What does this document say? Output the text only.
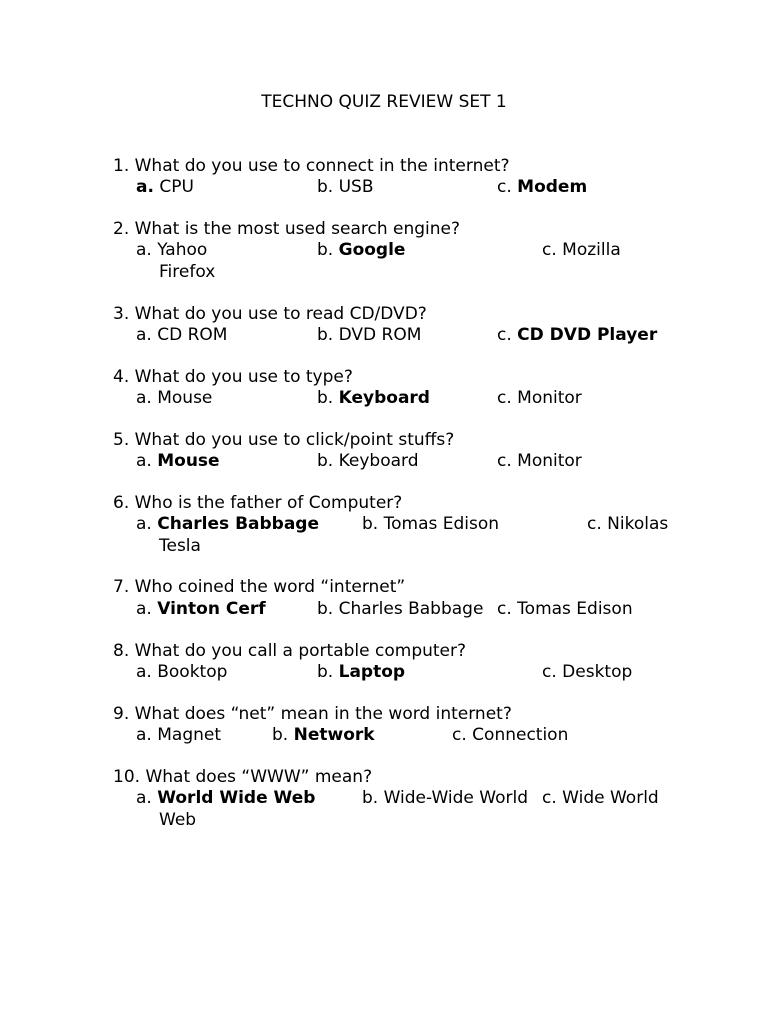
TECHNO QUIZ REVIEW SET 1
1. What do you use to connect in the internet?
a. CPU	b. USB	c. Modem
2. What is the most used search engine?
a. Yahoo	b. Google	c. Mozilla
Firefox
3. What do you use to read CD/DVD?
a. CD ROM	b. DVD ROM	c. CD DVD Player
4. What do you use to type?
a. Mouse	b. Keyboard	c. Monitor
5. What do you use to click/point stuffs?
a. Mouse	b. Keyboard	c. Monitor
6. Who is the father of Computer?
a. Charles Babbage	b. Tomas Edison	c. Nikolas
Tesla
7. Who coined the word “internet”
a. Vinton Cerf	b. Charles Babbage c. Tomas Edison
8. What do you call a portable computer?
a. Booktop	b. Laptop	c. Desktop
9. What does “net” mean in the word internet?
a. Magnet	b. Network	c. Connection
10. What does “WWW” mean?
a. World Wide Web	b. Wide-Wide World c. Wide World
Web
